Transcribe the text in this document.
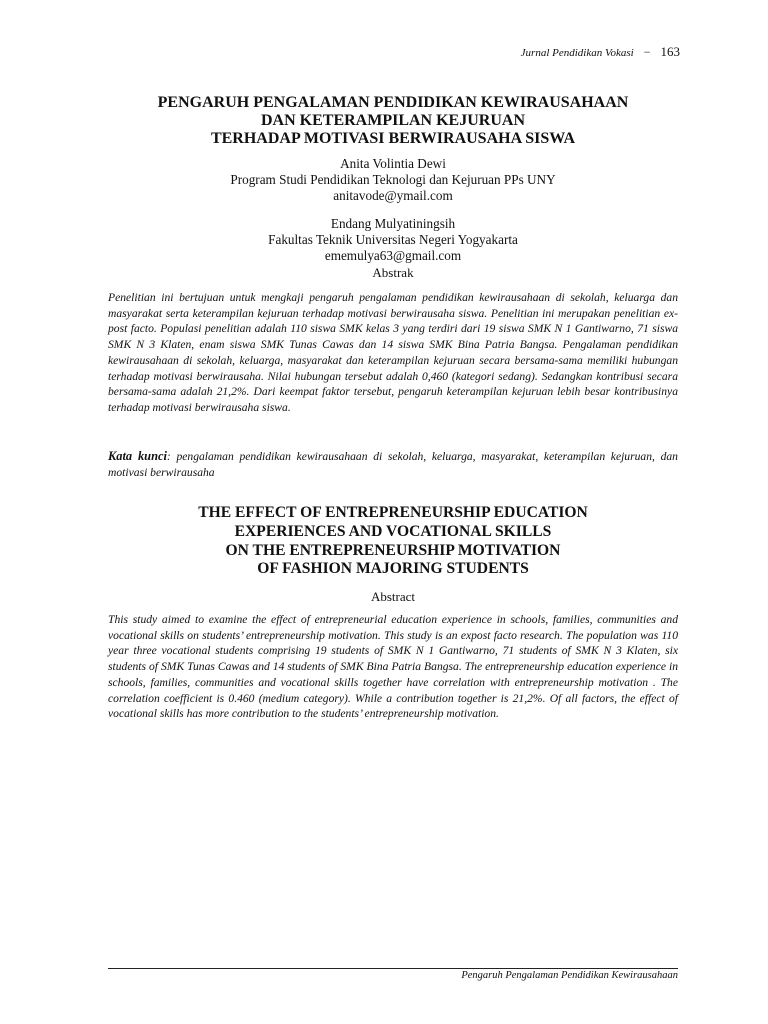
Jurnal Pendidikan Vokasi − 163
PENGARUH PENGALAMAN PENDIDIKAN KEWIRAUSAHAAN
DAN KETERAMPILAN KEJURUAN
TERHADAP MOTIVASI BERWIRAUSAHA SISWA
Anita Volintia Dewi
Program Studi Pendidikan Teknologi dan Kejuruan PPs UNY
anitavode@ymail.com
Endang Mulyatiningsih
Fakultas Teknik Universitas Negeri Yogyakarta
ememulya63@gmail.com
Abstrak
Penelitian ini bertujuan untuk mengkaji pengaruh pengalaman pendidikan kewirausahaan di sekolah, keluarga dan masyarakat serta keterampilan kejuruan terhadap motivasi berwirausaha siswa. Penelitian ini merupakan penelitian ex-post facto. Populasi penelitian adalah 110 siswa SMK kelas 3 yang terdiri dari 19 siswa SMK N 1 Gantiwarno, 71 siswa SMK N 3 Klaten, enam siswa SMK Tunas Cawas dan 14 siswa SMK Bina Patria Bangsa. Pengalaman pendidikan kewirausahaan di sekolah, keluarga, masyarakat dan keterampilan kejuruan secara bersama-sama memiliki hubungan terhadap motivasi berwirausaha. Nilai hubungan tersebut adalah 0,460 (kategori sedang). Sedangkan kontribusi secara bersama-sama adalah 21,2%. Dari keempat faktor tersebut, pengaruh keterampilan kejuruan lebih besar kontribusinya terhadap motivasi berwirausaha siswa.
Kata kunci: pengalaman pendidikan kewirausahaan di sekolah, keluarga, masyarakat, keterampilan kejuruan, dan motivasi berwirausaha
THE EFFECT OF ENTREPRENEURSHIP EDUCATION
EXPERIENCES AND VOCATIONAL SKILLS
ON THE ENTREPRENEURSHIP MOTIVATION
OF FASHION MAJORING STUDENTS
Abstract
This study aimed to examine the effect of entrepreneurial education experience in schools, families, communities and vocational skills on students’ entrepreneurship motivation. This study is an expost facto research. The population was 110 year three vocational students comprising 19 students of SMK N 1 Gantiwarno, 71 students of SMK N 3 Klaten, six students of SMK Tunas Cawas and 14 students of SMK Bina Patria Bangsa. The entrepreneurship education experience in schools, families, communities and vocational skills together have correlation with entrepreneurship motivation . The correlation coefficient is 0.460 (medium category). While a contribution together is 21,2%. Of all factors, the effect of vocational skills has more contribution to the students’ entrepreneurship motivation.
Pengaruh Pengalaman Pendidikan Kewirausahaan
